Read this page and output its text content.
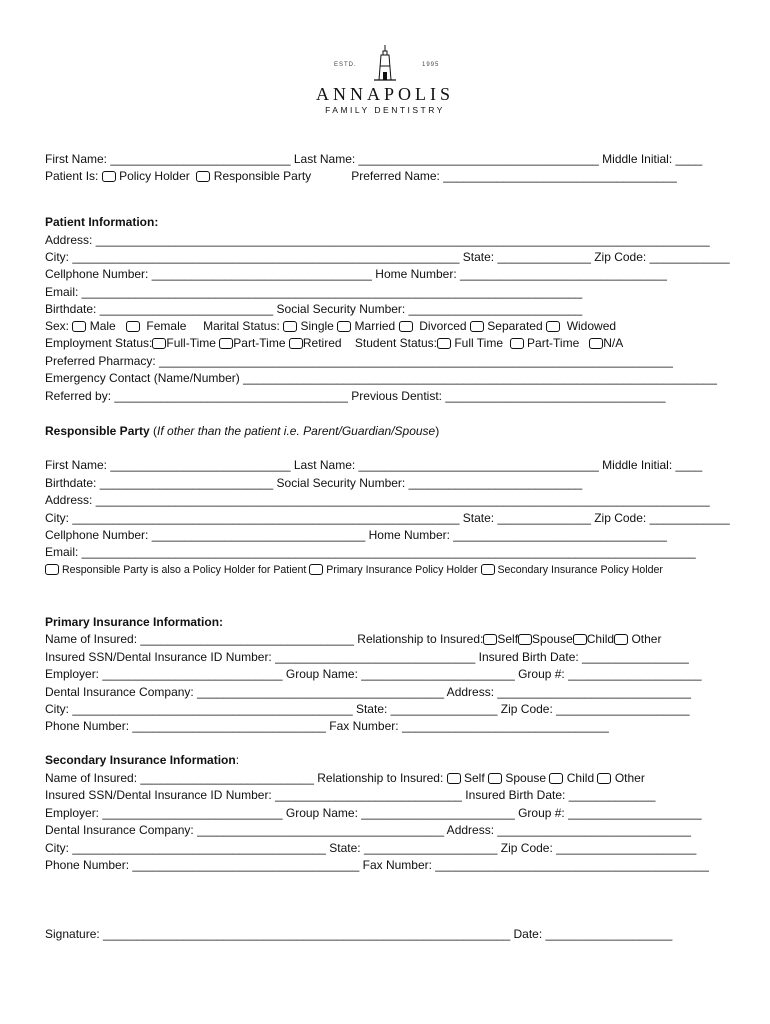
ESTD.	1995
ANNAPOLIS
FAMILY DENTISTRY
First Name: ___________________________ Last Name: ____________________________________ Middle Initial: ____
Patient Is: Policy Holder Responsible Party	Preferred Name: ___________________________________
Patient Information:
Address: ____________________________________________________________________________________________
City: __________________________________________________________ State: ______________ Zip Code: ____________
Cellphone Number: _________________________________ Home Number: _______________________________
Email: ___________________________________________________________________________
Birthdate: __________________________ Social Security Number: __________________________
Sex: Male	Female Marital Status: Single Married Divorced Separated Widowed
Employment Status: Full-Time Part-Time Retired Student Status: Full Time Part-Time N/A
Preferred Pharmacy: _____________________________________________________________________________
Emergency Contact (Name/Number) _______________________________________________________________________
Referred by: ___________________________________ Previous Dentist: _________________________________
Responsible Party (If other than the patient i.e. Parent/Guardian/Spouse)
First Name: ___________________________ Last Name: ____________________________________ Middle Initial: ____
Birthdate: __________________________ Social Security Number: __________________________
Address: ____________________________________________________________________________________________
City: __________________________________________________________ State: ______________ Zip Code: ____________
Cellphone Number: ________________________________ Home Number: ________________________________
Email: ____________________________________________________________________________________________
Responsible Party is also a Policy Holder for Patient Primary Insurance Policy Holder Secondary Insurance Policy Holder
Primary Insurance Information:
Name of Insured: ________________________________ Relationship to Insured: Self Spouse Child Other
Insured SSN/Dental Insurance ID Number: ______________________________ Insured Birth Date: ________________
Employer: ___________________________ Group Name: _______________________ Group #: ____________________
Dental Insurance Company: _____________________________________ Address: _____________________________
City: __________________________________________ State: ________________ Zip Code: ____________________
Phone Number: _____________________________ Fax Number: _______________________________
Secondary Insurance Information:
Name of Insured: __________________________ Relationship to Insured: Self Spouse Child Other
Insured SSN/Dental Insurance ID Number: ____________________________ Insured Birth Date: _____________
Employer: ___________________________ Group Name: _______________________ Group #: ____________________
Dental Insurance Company: _____________________________________ Address: _____________________________
City: ______________________________________ State: ____________________ Zip Code: _____________________
Phone Number: __________________________________ Fax Number: _________________________________________
Signature: _____________________________________________________________ Date: ___________________
